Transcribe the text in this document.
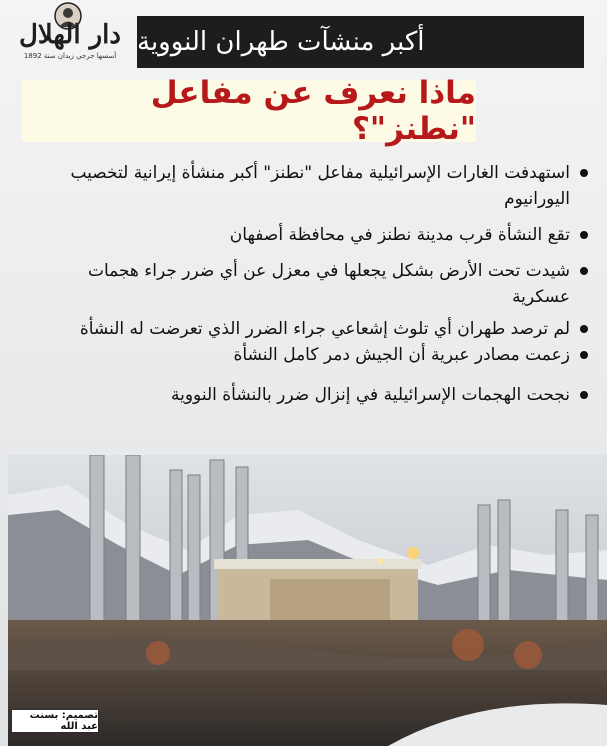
دار الهلال
أسسها جرجي زيدان سنة 1892 أكبر منشآت طهران النووية
ماذا نعرف عن مفاعل "نطنز"؟
استهدفت الغارات الإسرائيلية مفاعل "نطنز" أكبر منشأة إيرانية لتخصيب اليورانيوم
تقع النشأة قرب مدينة نطنز في محافظة أصفهان
شيدت تحت الأرض بشكل يجعلها في معزل عن أي ضرر جراء هجمات عسكرية
لم ترصد طهران أي تلوث إشعاعي جراء الضرر الذي تعرضت له النشأة
زعمت مصادر عبرية أن الجيش دمر كامل النشأة
نجحت الهجمات الإسرائيلية في إنزال ضرر بالنشأة النووية
تصميم: بسنت عبد الله
